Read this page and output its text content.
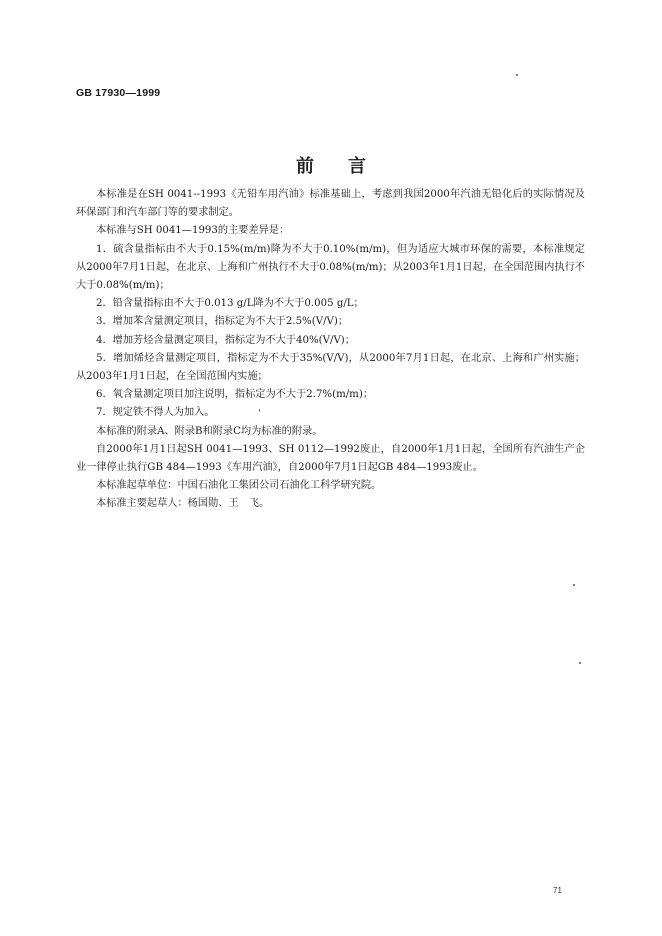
GB 17930—1999
前言

本标准是在SH 0041--1993《无铅车用汽油》标准基础上，考虑到我国2000年汽油无铅化后的实际情况及环保部门和汽车部门等的要求制定。

本标准与SH 0041—1993的主要差异是：

1．硫含量指标由不大于0.15%(m/m)降为不大于0.10%(m/m)，但为适应大城市环保的需要，本标准规定从2000年7月1日起，在北京、上海和广州执行不大于0.08%(m/m)；从2003年1月1日起，在全国范围内执行不大于0.08%(m/m)；

2．铅含量指标由不大于0.013 g/L降为不大于0.005 g/L；

3．增加苯含量测定项目，指标定为不大于2.5%(V/V)；

4．增加芳烃含量测定项目，指标定为不大于40%(V/V)；

5．增加烯烃含量测定项目，指标定为不大于35%(V/V)，从2000年7月1日起，在北京、上海和广州实施；从2003年1月1日起，在全国范围内实施；

6．氧含量测定项目加注说明，指标定为不大于2.7%(m/m)；

7．规定铁不得人为加入。

本标准的附录A、附录B和附录C均为标准的附录。

自2000年1月1日起SH 0041—1993、SH 0112—1992废止，自2000年1月1日起，全国所有汽油生产企业一律停止执行GB 484—1993《车用汽油》，自2000年7月1日起GB 484—1993废止。

本标准起草单位：中国石油化工集团公司石油化工科学研究院。

本标准主要起草人：杨国勋、王　飞。

71
